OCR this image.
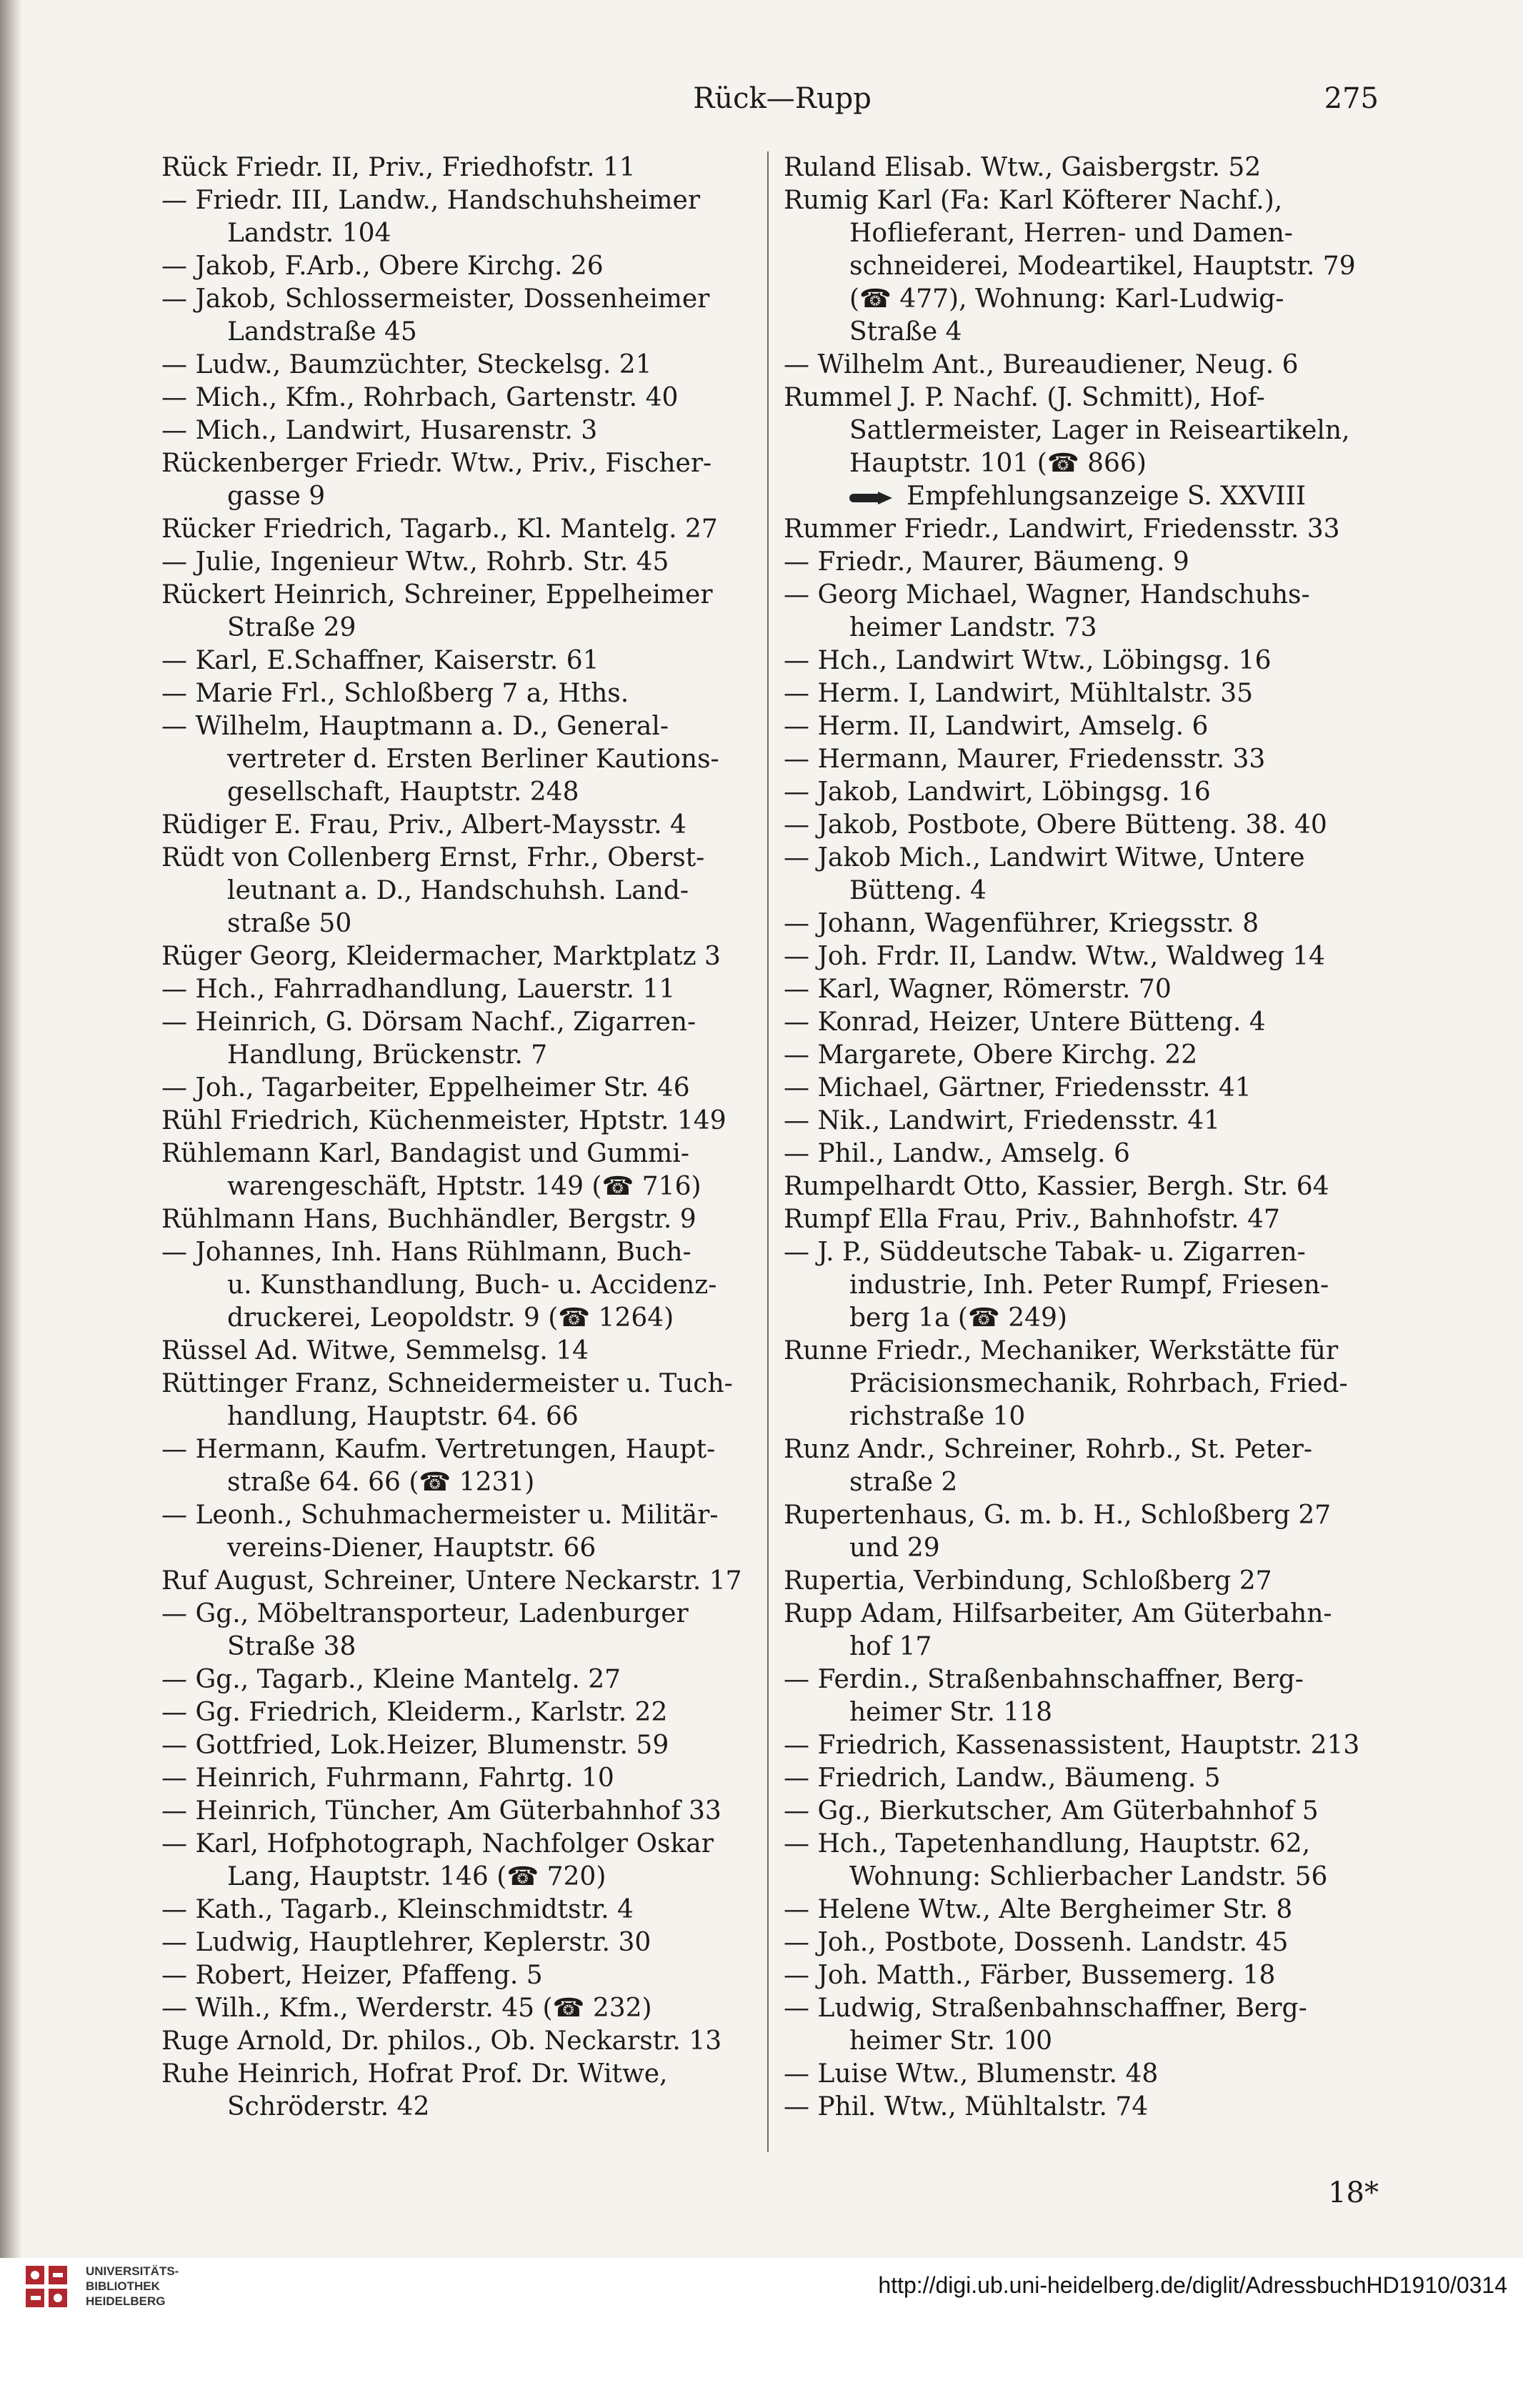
Rück—Rupp	275

Rück Friedr. II, Priv., Friedhofstr. 11

— Friedr. III, Landw., Handschuhsheimer

Landstr. 104

— Jakob, F.Arb., Obere Kirchg. 26

— Jakob, Schlossermeister, Dossenheimer

Landstraße 45

— Ludw., Baumzüchter, Steckelsg. 21

— Mich., Kfm., Rohrbach, Gartenstr. 40

— Mich., Landwirt, Husarenstr. 3

Rückenberger Friedr. Wtw., Priv., Fischer-

gasse 9

Rücker Friedrich, Tagarb., Kl. Mantelg. 27

— Julie, Ingenieur Wtw., Rohrb. Str. 45

Rückert Heinrich, Schreiner, Eppelheimer

Straße 29

— Karl, E.Schaffner, Kaiserstr. 61

— Marie Frl., Schloßberg 7 a, Hths.

— Wilhelm, Hauptmann a. D., General-

vertreter d. Ersten Berliner Kautions-

gesellschaft, Hauptstr. 248

Rüdiger E. Frau, Priv., Albert-Maysstr. 4

Rüdt von Collenberg Ernst, Frhr., Oberst-

leutnant a. D., Handschuhsh. Land-

straße 50

Rüger Georg, Kleidermacher, Marktplatz 3

— Hch., Fahrradhandlung, Lauerstr. 11

— Heinrich, G. Dörsam Nachf., Zigarren-

Handlung, Brückenstr. 7

— Joh., Tagarbeiter, Eppelheimer Str. 46

Rühl Friedrich, Küchenmeister, Hptstr. 149

Rühlemann Karl, Bandagist und Gummi-

warengeschäft, Hptstr. 149 (☎ 716)

Rühlmann Hans, Buchhändler, Bergstr. 9

— Johannes, Inh. Hans Rühlmann, Buch-

u. Kunsthandlung, Buch- u. Accidenz-

druckerei, Leopoldstr. 9 (☎ 1264)

Rüssel Ad. Witwe, Semmelsg. 14

Rüttinger Franz, Schneidermeister u. Tuch-

handlung, Hauptstr. 64. 66

— Hermann, Kaufm. Vertretungen, Haupt-

straße 64. 66 (☎ 1231)

— Leonh., Schuhmachermeister u. Militär-

vereins-Diener, Hauptstr. 66

Ruf August, Schreiner, Untere Neckarstr. 17

— Gg., Möbeltransporteur, Ladenburger

Straße 38

— Gg., Tagarb., Kleine Mantelg. 27

— Gg. Friedrich, Kleiderm., Karlstr. 22

— Gottfried, Lok.Heizer, Blumenstr. 59

— Heinrich, Fuhrmann, Fahrtg. 10

— Heinrich, Tüncher, Am Güterbahnhof 33

— Karl, Hofphotograph, Nachfolger Oskar

Lang, Hauptstr. 146 (☎ 720)

— Kath., Tagarb., Kleinschmidtstr. 4

— Ludwig, Hauptlehrer, Keplerstr. 30

— Robert, Heizer, Pfaffeng. 5

— Wilh., Kfm., Werderstr. 45 (☎ 232)

Ruge Arnold, Dr. philos., Ob. Neckarstr. 13

Ruhe Heinrich, Hofrat Prof. Dr. Witwe,

Schröderstr. 42

Ruland Elisab. Wtw., Gaisbergstr. 52

Rumig Karl (Fa: Karl Köfterer Nachf.),

Hoflieferant, Herren- und Damen-

schneiderei, Modeartikel, Hauptstr. 79

(☎ 477), Wohnung: Karl-Ludwig-

Straße 4

— Wilhelm Ant., Bureaudiener, Neug. 6

Rummel J. P. Nachf. (J. Schmitt), Hof-

Sattlermeister, Lager in Reiseartikeln,

Hauptstr. 101 (☎ 866)

Empfehlungsanzeige S. XXVIII

Rummer Friedr., Landwirt, Friedensstr. 33

— Friedr., Maurer, Bäumeng. 9

— Georg Michael, Wagner, Handschuhs-

heimer Landstr. 73

— Hch., Landwirt Wtw., Löbingsg. 16

— Herm. I, Landwirt, Mühltalstr. 35

— Herm. II, Landwirt, Amselg. 6

— Hermann, Maurer, Friedensstr. 33

— Jakob, Landwirt, Löbingsg. 16

— Jakob, Postbote, Obere Bütteng. 38. 40

— Jakob Mich., Landwirt Witwe, Untere

Bütteng. 4

— Johann, Wagenführer, Kriegsstr. 8

— Joh. Frdr. II, Landw. Wtw., Waldweg 14

— Karl, Wagner, Römerstr. 70

— Konrad, Heizer, Untere Bütteng. 4

— Margarete, Obere Kirchg. 22

— Michael, Gärtner, Friedensstr. 41

— Nik., Landwirt, Friedensstr. 41

— Phil., Landw., Amselg. 6

Rumpelhardt Otto, Kassier, Bergh. Str. 64

Rumpf Ella Frau, Priv., Bahnhofstr. 47

— J. P., Süddeutsche Tabak- u. Zigarren-

industrie, Inh. Peter Rumpf, Friesen-

berg 1a (☎ 249)

Runne Friedr., Mechaniker, Werkstätte für

Präcisionsmechanik, Rohrbach, Fried-

richstraße 10

Runz Andr., Schreiner, Rohrb., St. Peter-

straße 2

Rupertenhaus, G. m. b. H., Schloßberg 27

und 29

Rupertia, Verbindung, Schloßberg 27

Rupp Adam, Hilfsarbeiter, Am Güterbahn-

hof 17

— Ferdin., Straßenbahnschaffner, Berg-

heimer Str. 118

— Friedrich, Kassenassistent, Hauptstr. 213

— Friedrich, Landw., Bäumeng. 5

— Gg., Bierkutscher, Am Güterbahnhof 5

— Hch., Tapetenhandlung, Hauptstr. 62,

Wohnung: Schlierbacher Landstr. 56

— Helene Wtw., Alte Bergheimer Str. 8

— Joh., Postbote, Dossenh. Landstr. 45

— Joh. Matth., Färber, Bussemerg. 18

— Ludwig, Straßenbahnschaffner, Berg-

heimer Str. 100

— Luise Wtw., Blumenstr. 48

— Phil. Wtw., Mühltalstr. 74

18*
UNIVERSITÄTS-
BIBLIOTHEK
HEIDELBERG
http://digi.ub.uni-heidelberg.de/diglit/AdressbuchHD1910/0314
